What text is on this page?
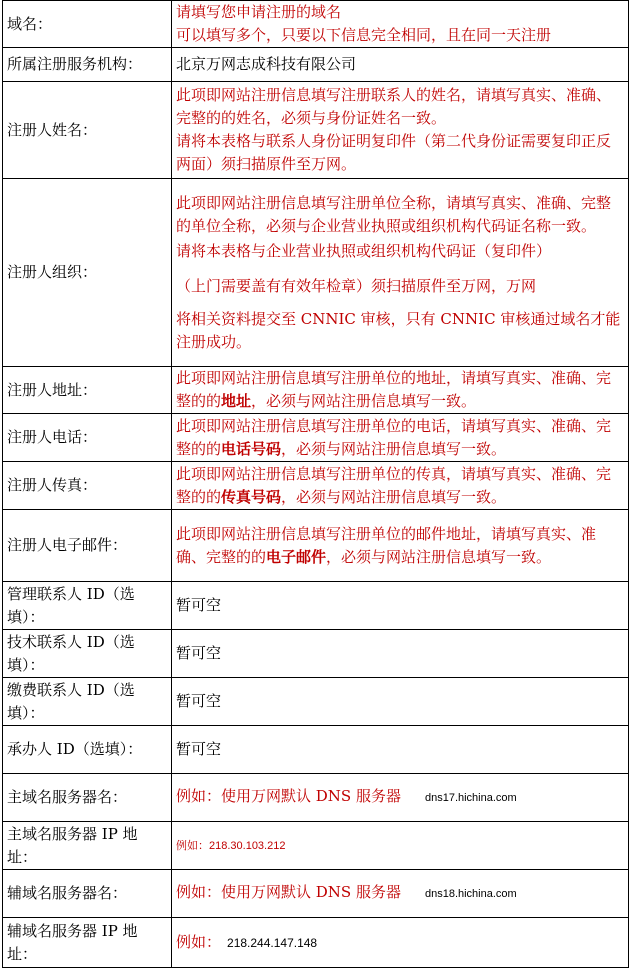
域名：	请填写您申请注册的域名
可以填写多个，只要以下信息完全相同，且在同一天注册

所属注册服务机构：	北京万网志成科技有限公司
注册人姓名：	此项即网站注册信息填写注册联系人的姓名，请填写真实、准确、完整的的姓名，必须与身份证姓名一致。
请将本表格与联系人身份证明复印件（第二代身份证需要复印正反两面）须扫描原件至万网。

注册人组织：	此项即网站注册信息填写注册单位全称，请填写真实、准确、完整的单位全称，必须与企业营业执照或组织机构代码证名称一致。
请将本表格与企业营业执照或组织机构代码证（复印件）
（上门需要盖有有效年检章）须扫描原件至万网，万网
将相关资料提交至 CNNIC 审核，只有 CNNIC 审核通过域名才能注册成功。

注册人地址：	此项即网站注册信息填写注册单位的地址，请填写真实、准确、完整的的地址，必须与网站注册信息填写一致。
注册人电话：	此项即网站注册信息填写注册单位的电话，请填写真实、准确、完整的的电话号码，必须与网站注册信息填写一致。
注册人传真：	此项即网站注册信息填写注册单位的传真，请填写真实、准确、完整的的传真号码，必须与网站注册信息填写一致。
注册人电子邮件：	此项即网站注册信息填写注册单位的邮件地址，请填写真实、准确、完整的的电子邮件，必须与网站注册信息填写一致。
管理联系人 ID（选填）：	暂可空
技术联系人 ID（选填）：	暂可空
缴费联系人 ID（选填）：	暂可空
承办人 ID（选填）：	暂可空
主域名服务器名：	例如：使用万网默认 DNS 服务器 dns17.hichina.com
主域名服务器 IP 地址：	例如：218.30.103.212
辅域名服务器名：	例如：使用万网默认 DNS 服务器 dns18.hichina.com
辅域名服务器 IP 地址：	例如： 218.244.147.148
